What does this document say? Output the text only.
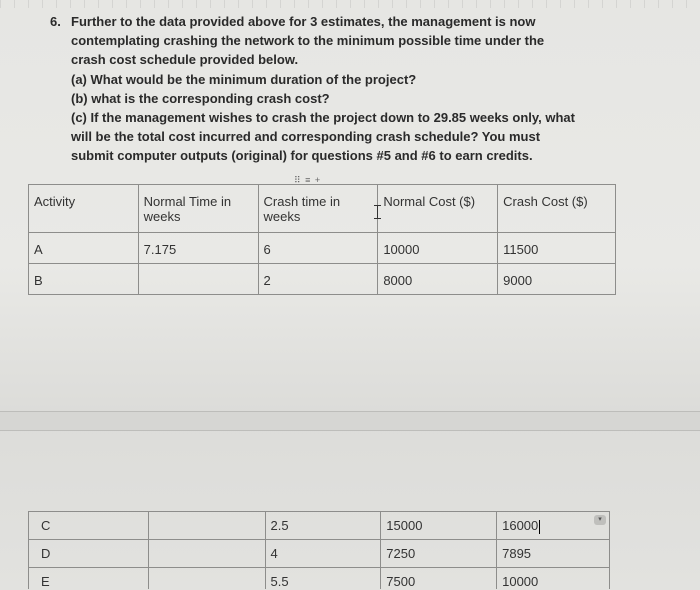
6. Further to the data provided above for 3 estimates, the management is now
contemplating crashing the network to the minimum possible time under the
crash cost schedule provided below.
(a) What would be the minimum duration of the project?
(b) what is the corresponding crash cost?
(c) If the management wishes to crash the project down to 29.85 weeks only, what
will be the total cost incurred and corresponding crash schedule? You must
submit computer outputs (original) for questions #5 and #6 to earn credits.
⠿ ≡ +
Activity	Normal Time in weeks	Crash time in weeks	Normal Cost ($)	Crash Cost ($)
A	7.175	6	10000	11500
B		2	8000	9000
C		2.5	15000	16000
D		4	7250	7895
E		5.5	7500	10000
▾
